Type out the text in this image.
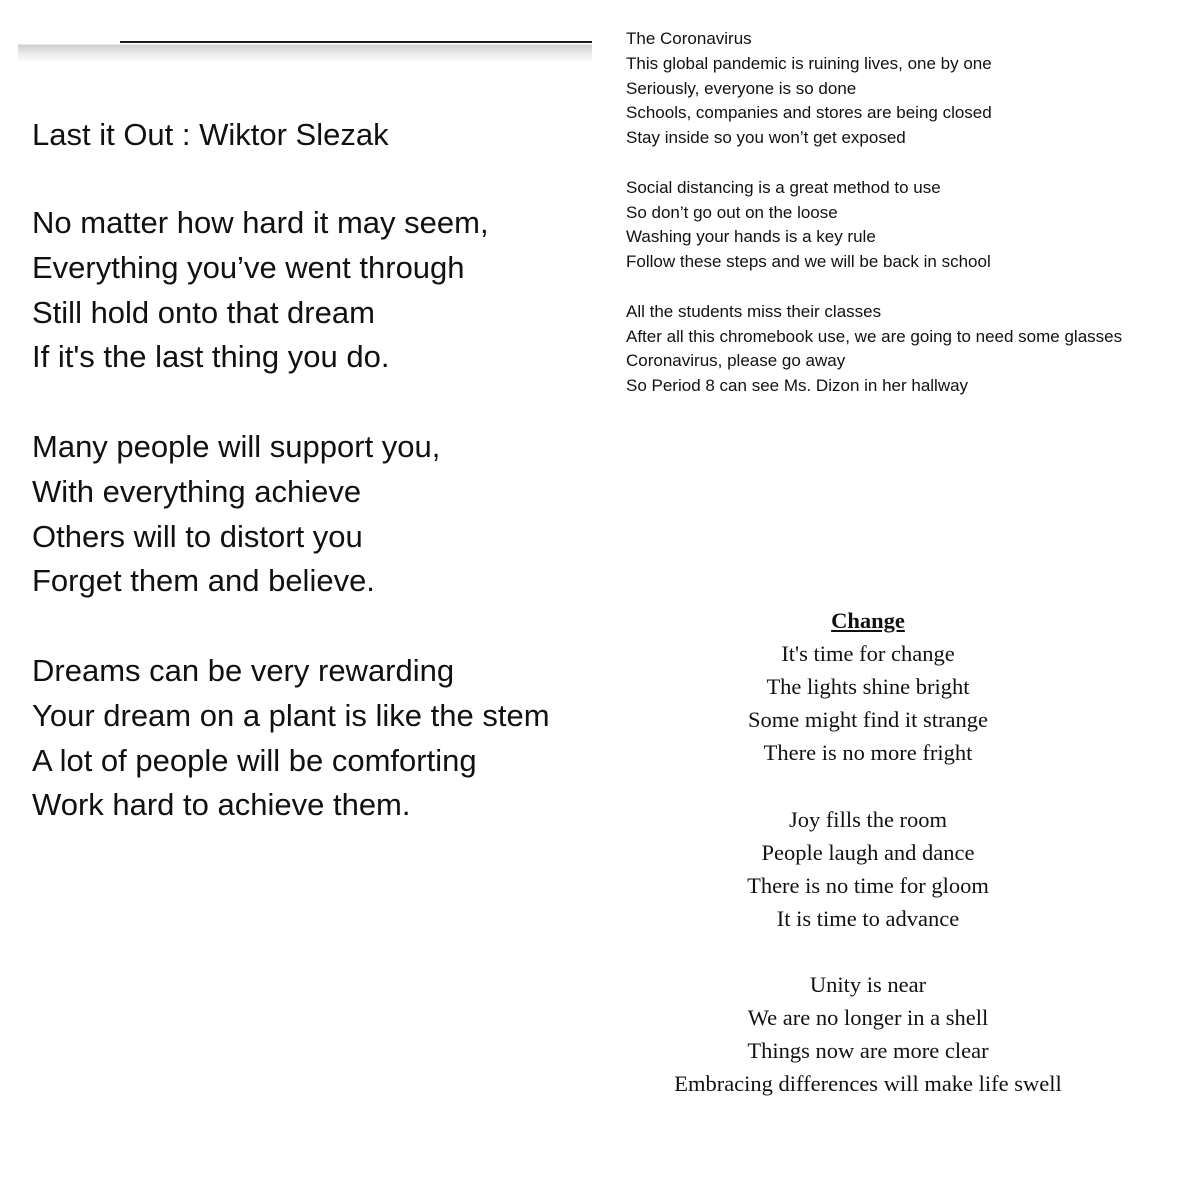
Last it Out : Wiktor Slezak
No matter how hard it may seem,
Everything you’ve went through
Still hold onto that dream
If it's the last thing you do.
Many people will support you,
With everything achieve
Others will to distort you
Forget them and believe.
Dreams can be very rewarding
Your dream on a plant is like the stem
A lot of people will be comforting
Work hard to achieve them.
The Coronavirus
This global pandemic is ruining lives, one by one
Seriously, everyone is so done
Schools, companies and stores are being closed
Stay inside so you won’t get exposed
Social distancing is a great method to use
So don’t go out on the loose
Washing your hands is a key rule
Follow these steps and we will be back in school
All the students miss their classes
After all this chromebook use, we are going to need some glasses
Coronavirus, please go away
So Period 8 can see Ms. Dizon in her hallway
Change
It's time for change
The lights shine bright
Some might find it strange
There is no more fright
Joy fills the room
People laugh and dance
There is no time for gloom
It is time to advance
Unity is near
We are no longer in a shell
Things now are more clear
Embracing differences will make life swell
